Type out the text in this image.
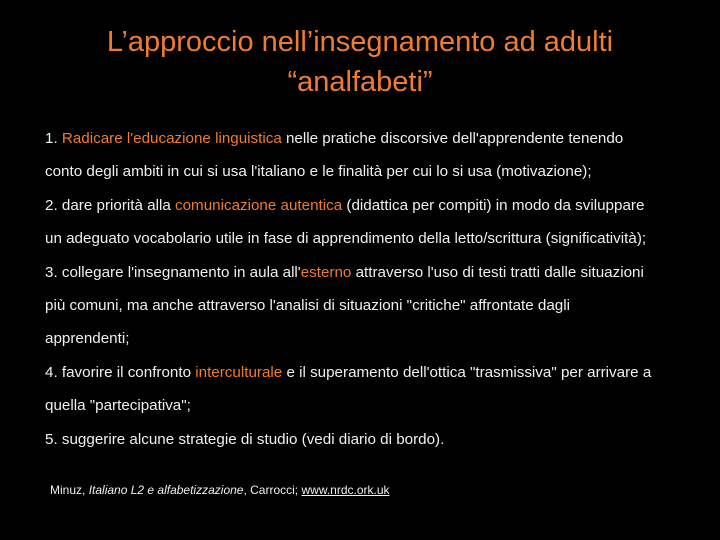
L’approccio nell’insegnamento ad adulti
“analfabeti”

1. Radicare l'educazione linguistica nelle pratiche discorsive dell'apprendente tenendo

conto degli ambiti in cui si usa l'italiano e le finalità per cui lo si usa (motivazione);

2. dare priorità alla comunicazione autentica (didattica per compiti) in modo da sviluppare

un adeguato vocabolario utile in fase di apprendimento della letto/scrittura (significatività);

3. collegare l'insegnamento in aula all'esterno attraverso l'uso di testi tratti dalle situazioni

più comuni, ma anche attraverso l'analisi di situazioni "critiche" affrontate dagli

apprendenti;

4. favorire il confronto interculturale e il superamento dell'ottica "trasmissiva" per arrivare a

quella "partecipativa";

5. suggerire alcune strategie di studio (vedi diario di bordo).

Minuz, Italiano L2 e alfabetizzazione, Carrocci; www.nrdc.ork.uk
